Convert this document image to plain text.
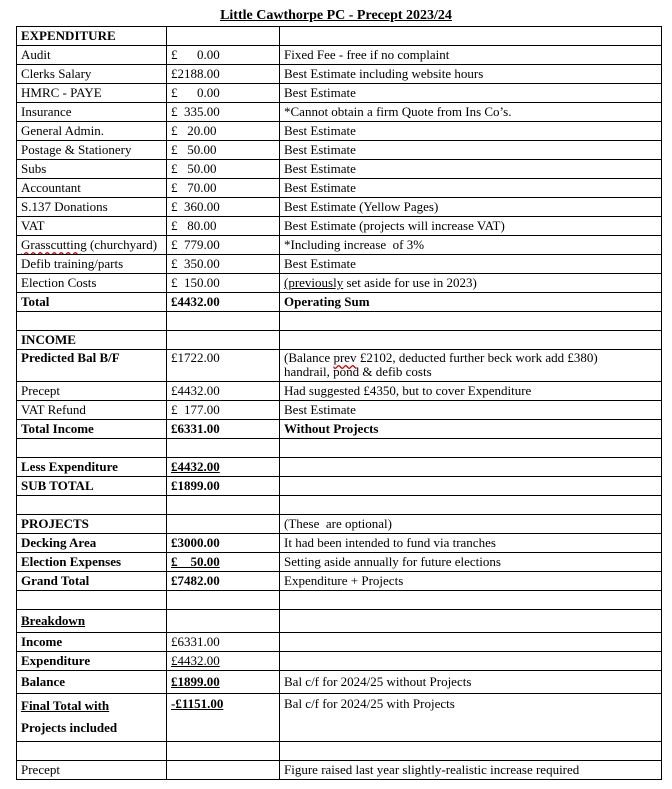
Little Cawthorpe PC - Precept 2023/24
EXPENDITURE		
Audit	£      0.00	Fixed Fee - free if no complaint
Clerks Salary	£2188.00	Best Estimate including website hours
HMRC - PAYE	£      0.00	Best Estimate
Insurance	£  335.00	*Cannot obtain a firm Quote from Ins Co’s.
General Admin.	£   20.00	Best Estimate
Postage & Stationery	£   50.00	Best Estimate
Subs	£   50.00	Best Estimate
Accountant	£   70.00	Best Estimate
S.137 Donations	£  360.00	Best Estimate (Yellow Pages)
VAT	£   80.00	Best Estimate (projects will increase VAT)
Grasscutting (churchyard)	£  779.00	*Including increase  of 3%
Defib training/parts	£  350.00	Best Estimate
Election Costs	£  150.00	(previously set aside for use in 2023)
Total	£4432.00	Operating Sum

INCOME		
Predicted Bal B/F	£1722.00	(Balance prev £2102, deducted further beck work add £380)
handrail, pond & defib costs
Precept	£4432.00	Had suggested £4350, but to cover Expenditure
VAT Refund	£  177.00	Best Estimate
Total Income	£6331.00	Without Projects

Less Expenditure	£4432.00	
SUB TOTAL	£1899.00	

PROJECTS		(These  are optional)
Decking Area	£3000.00	It had been intended to fund via tranches
Election Expenses	£    50.00	Setting aside annually for future elections
Grand Total	£7482.00	Expenditure + Projects

Breakdown		
Income	£6331.00	
Expenditure	£4432.00	
Balance	£1899.00	Bal c/f for 2024/25 without Projects
Final Total with
Projects included	-£1151.00	Bal c/f for 2024/25 with Projects

Precept		Figure raised last year slightly-realistic increase required
